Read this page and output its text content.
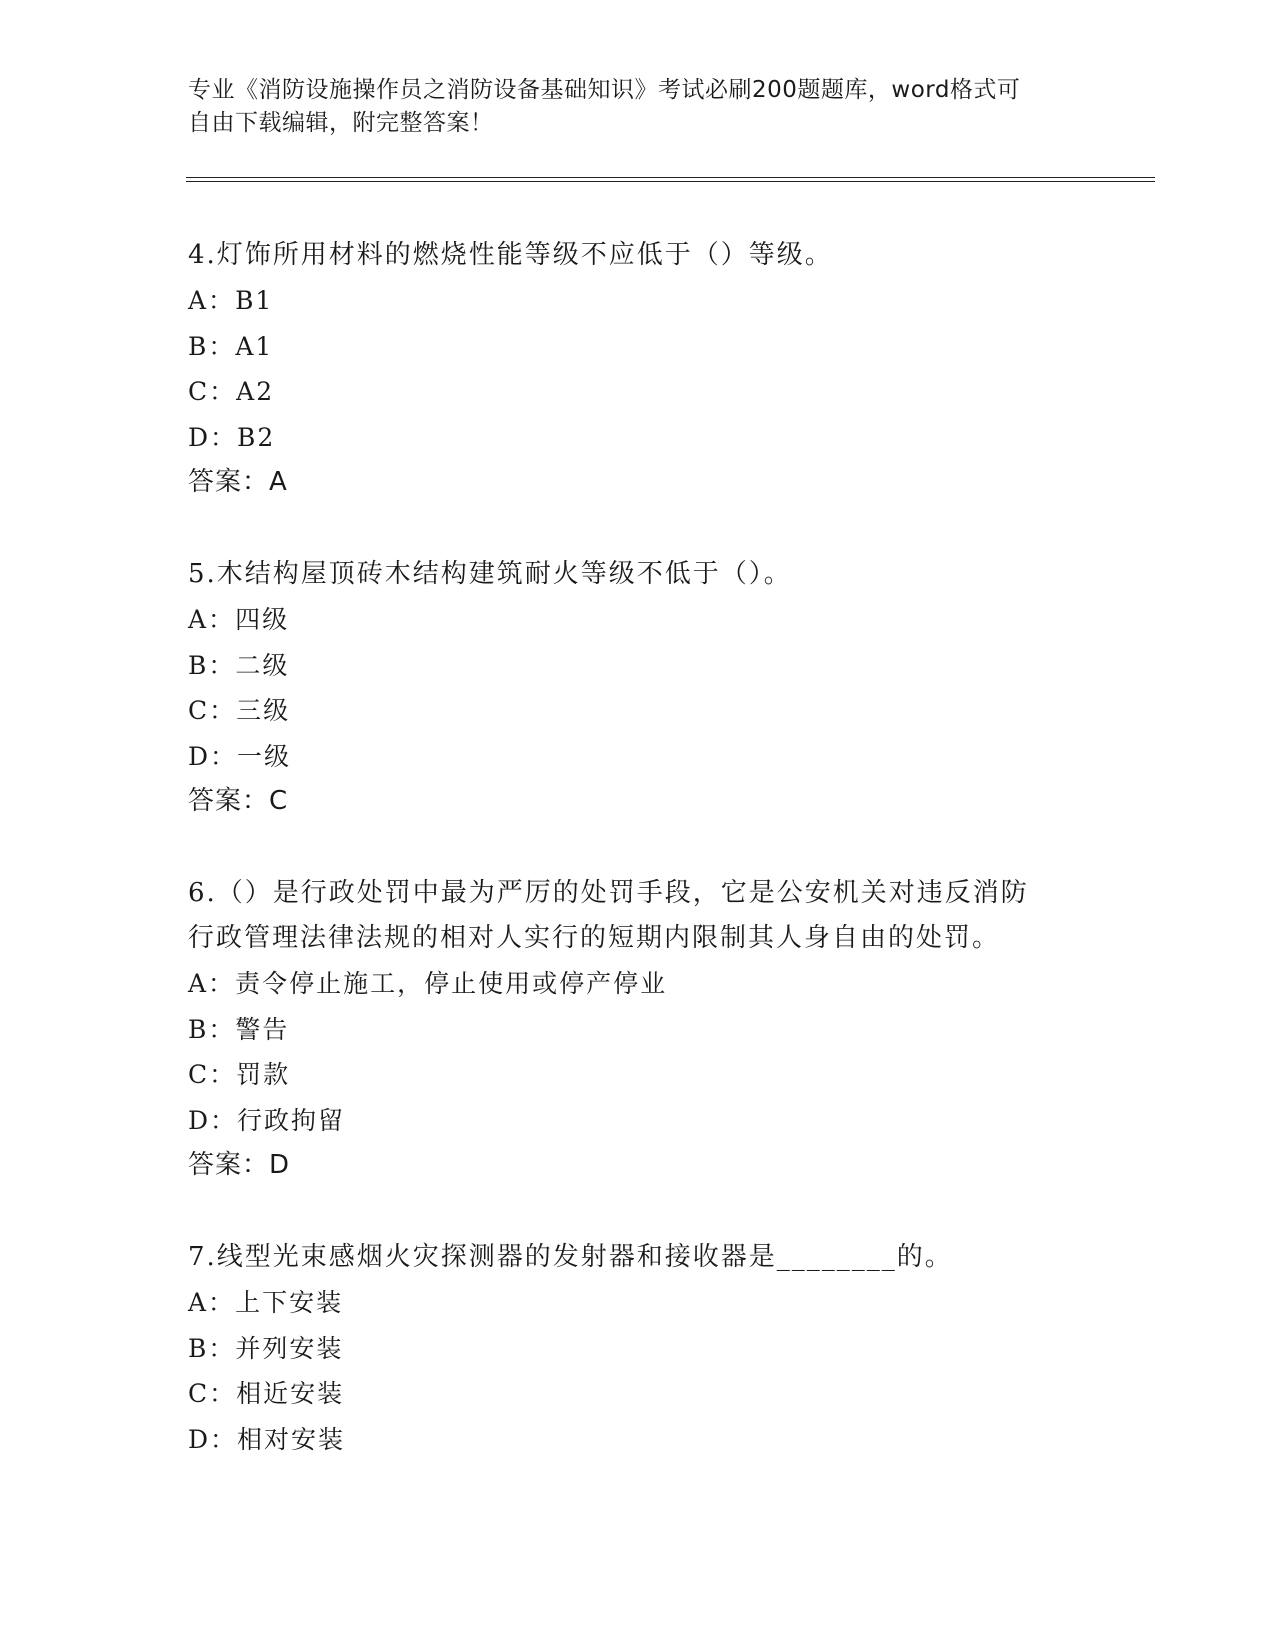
专业《消防设施操作员之消防设备基础知识》考试必刷200题题库，word格式可
自由下载编辑，附完整答案！
4.灯饰所用材料的燃烧性能等级不应低于（）等级。
A：B1
B：A1
C：A2
D：B2
答案：A
5.木结构屋顶砖木结构建筑耐火等级不低于（）。
A：四级
B：二级
C：三级
D：一级
答案：C
6.（）是行政处罚中最为严厉的处罚手段，它是公安机关对违反消防
行政管理法律法规的相对人实行的短期内限制其人身自由的处罚。
A：责令停止施工，停止使用或停产停业
B：警告
C：罚款
D：行政拘留
答案：D
7.线型光束感烟火灾探测器的发射器和接收器是________的。
A：上下安装
B：并列安装
C：相近安装
D：相对安装
